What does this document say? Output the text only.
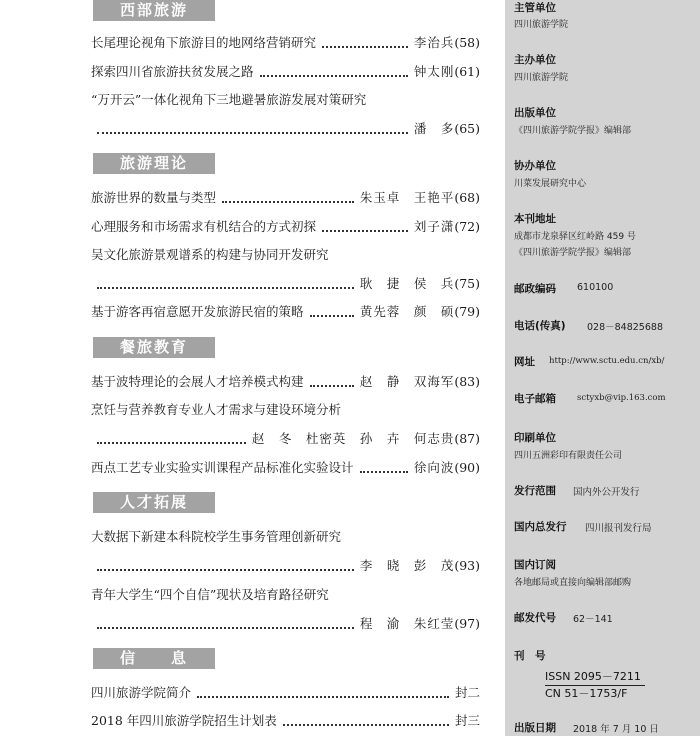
西部旅游
长尾理论视角下旅游目的地网络营销研究	李治兵 (58)
探索四川省旅游扶贫发展之路	钟太刚 (61)
“万开云”一体化视角下三地避暑旅游发展对策研究
潘　多 (65)
旅游理论
旅游世界的数量与类型	朱玉卓　王艳平 (68)
心理服务和市场需求有机结合的方式初探	刘子潇 (72)
吴文化旅游景观谱系的构建与协同开发研究
耿　捷　侯　兵 (75)
基于游客再宿意愿开发旅游民宿的策略	黄先蓉　颜　硕 (79)
餐旅教育
基于波特理论的会展人才培养模式构建	赵　静　双海军 (83)
烹饪与营养教育专业人才需求与建设环境分析
赵　冬　杜密英　孙　卉　何志贵 (87)
西点工艺专业实验实训课程产品标准化实验设计	徐向波 (90)
人才拓展
大数据下新建本科院校学生事务管理创新研究
李　晓　彭　茂 (93)
青年大学生“四个自信”现状及培育路径研究
程　渝　朱红莹 (97)
信　　息
四川旅游学院简介	封二
2018 年四川旅游学院招生计划表	封三
主管单位
四川旅游学院
主办单位
四川旅游学院
出版单位
《四川旅游学院学报》编辑部
协办单位
川菜发展研究中心
本刊地址
成都市龙泉驿区红岭路 459 号
《四川旅游学院学报》编辑部
邮政编码 610100
电话(传真) 028－84825688
网址 http://www.sctu.edu.cn/xb/
电子邮箱 sctyxb@vip.163.com
印刷单位
四川五洲彩印有限责任公司
发行范围 国内外公开发行
国内总发行 四川报刊发行局
国内订阅
各地邮局或直接向编辑部邮购
邮发代号 62－141
刊　号
ISSN 2095－7211
CN 51－1753/F
出版日期 2018 年 7 月 10 日
